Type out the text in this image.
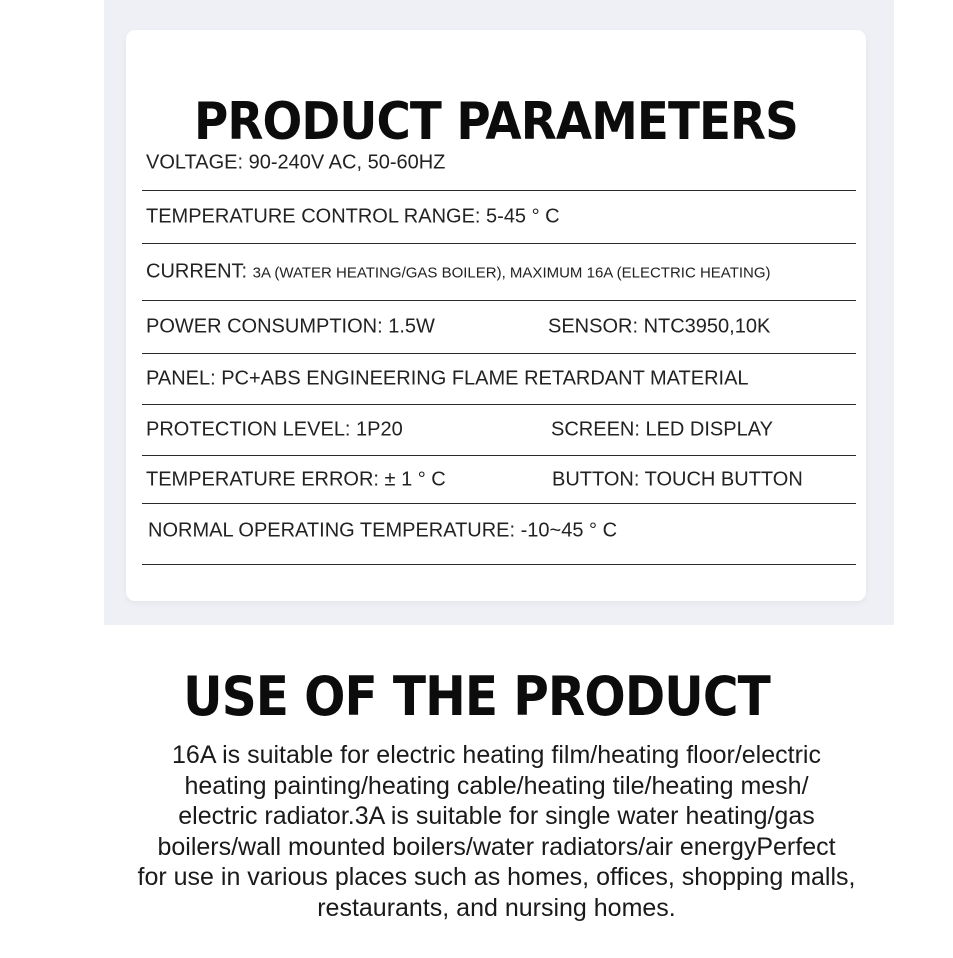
PRODUCT PARAMETERS
VOLTAGE: 90-240V AC, 50-60HZ
TEMPERATURE CONTROL RANGE: 5-45 ° C
CURRENT: 3A (WATER HEATING/GAS BOILER), MAXIMUM 16A (ELECTRIC HEATING)
POWER CONSUMPTION: 1.5W	SENSOR: NTC3950,10K
PANEL: PC+ABS ENGINEERING FLAME RETARDANT MATERIAL
PROTECTION LEVEL: 1P20	SCREEN: LED DISPLAY
TEMPERATURE ERROR: ± 1 ° C	BUTTON: TOUCH BUTTON
NORMAL OPERATING TEMPERATURE: -10~45 ° C
USE OF THE PRODUCT
16A is suitable for electric heating film/heating floor/electric
heating painting/heating cable/heating tile/heating mesh/
electric radiator.3A is suitable for single water heating/gas
boilers/wall mounted boilers/water radiators/air energyPerfect
for use in various places such as homes, offices, shopping malls,
restaurants, and nursing homes.
